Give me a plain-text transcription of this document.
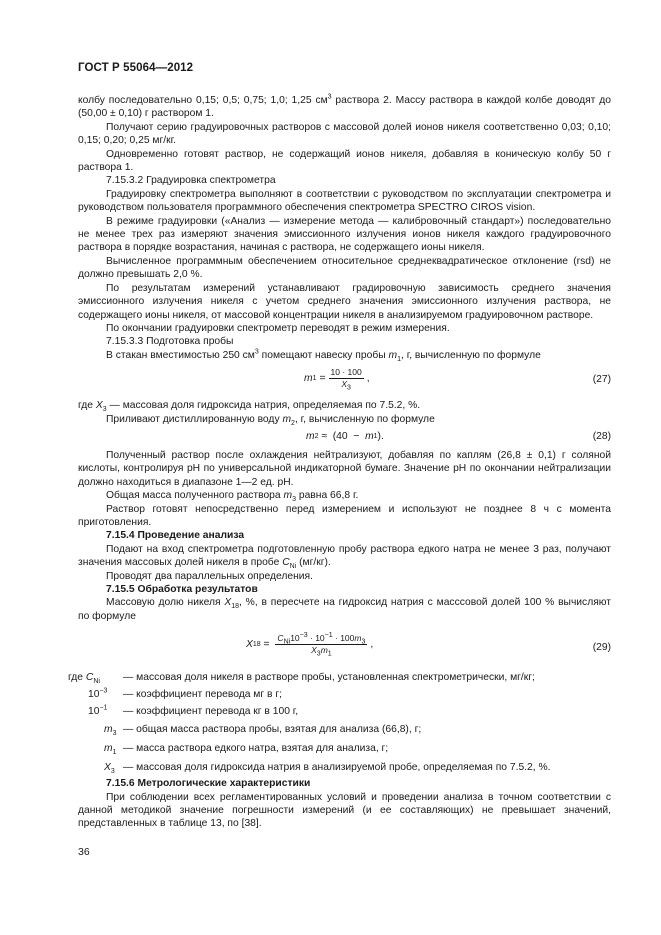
ГОСТ Р 55064—2012

колбу последовательно 0,15; 0,5; 0,75; 1,0; 1,25 $см^3$ раствора 2. Массу раствора в каждой колбе доводят до (50,00 ± 0,10) г раствором 1.

Получают серию градуировочных растворов с массовой долей ионов никеля соответственно 0,03; 0,10; 0,15; 0,20; 0,25 мг/кг.

Одновременно готовят раствор, не содержащий ионов никеля, добавляя в коническую колбу 50 г раствора 1.

7.15.3.2 Градуировка спектрометра

Градуировку спектрометра выполняют в соответствии с руководством по эксплуатации спектрометра и руководством пользователя программного обеспечения спектрометра SPECTRO CIROS vision.

В режиме градуировки («Анализ — измерение метода — калибровочный стандарт») последовательно не менее трех раз измеряют значения эмиссионного излучения ионов никеля каждого градуировочного раствора в порядке возрастания, начиная с раствора, не содержащего ионы никеля.

Вычисленное программным обеспечением относительное среднеквадратическое отклонение (rsd) не должно превышать 2,0 %.

По результатам измерений устанавливают градировочную зависимость среднего значения эмиссионного излучения никеля с учетом среднего значения эмиссионного излучения раствора, не содержащего ионы никеля, от массовой концентрации никеля в анализируемом градуировочном растворе.

По окончании градуировки спектрометр переводят в режим измерения.

7.15.3.3 Подготовка пробы

В стакан вместимостью 250 $см^3$ помещают навеску пробы $m_1$, г, вычисленную по формуле

m $1 = \frac{10 \cdot 100}{X_3}$ ,	(27)

где $X_3$ — массовая доля гидроксида натрия, определяемая по 7.5.2, %.

Приливают дистиллированную воду $m_2$, г, вычисленную по формуле

m 2 ≈  (40  − m 1 ).	(28)

Полученный раствор после охлаждения нейтрализуют, добавляя по каплям (26,8 ± 0,1) г соляной кислоты, контролируя pH по универсальной индикаторной бумаге. Значение pH по окончании нейтрализации должно находиться в диапазоне 1—2 ед. pH.

Общая масса полученного раствора $m_3$ равна 66,8 г.

Раствор готовят непосредственно перед измерением и используют не позднее 8 ч с момента приготовления.

7.15.4 Проведение анализа

Подают на вход спектрометра подготовленную пробу раствора едкого натра не менее 3 раз, получают значения массовых долей никеля в пробе $C_{Ni}$ (мг/кг).

Проводят два параллельных определения.

7.15.5 Обработка результатов

Массовую долю никеля $X_{18}$, %, в пересчете на гидроксид натрия с масссовой долей 100 % вычисляют по формуле

X $18 = \frac{C_{Ni}10^{-3} \cdot 10^{-1} \cdot 100m_3}{X_3m_1}$ ,	(29)
где $C_{Ni}$ — массовая доля никеля в растворе пробы, установленная спектрометрически, мг/кг;
$10^{-3}$ — коэффициент перевода мг в г;
$10^{-1}$ — коэффициент перевода кг в 100 г,
$m_3$ — общая масса раствора пробы, взятая для анализа (66,8), г;
$m_1$ — масса раствора едкого натра, взятая для анализа, г;
$X_3$ — массовая доля гидроксида натрия в анализируемой пробе, определяемая по 7.5.2, %.

7.15.6 Метрологические характеристики

При соблюдении всех регламентированных условий и проведении анализа в точном соответствии с данной методикой значение погрешности измерений (и ее составляющих) не превышает значений, представленных в таблице 13, по [38].

36
